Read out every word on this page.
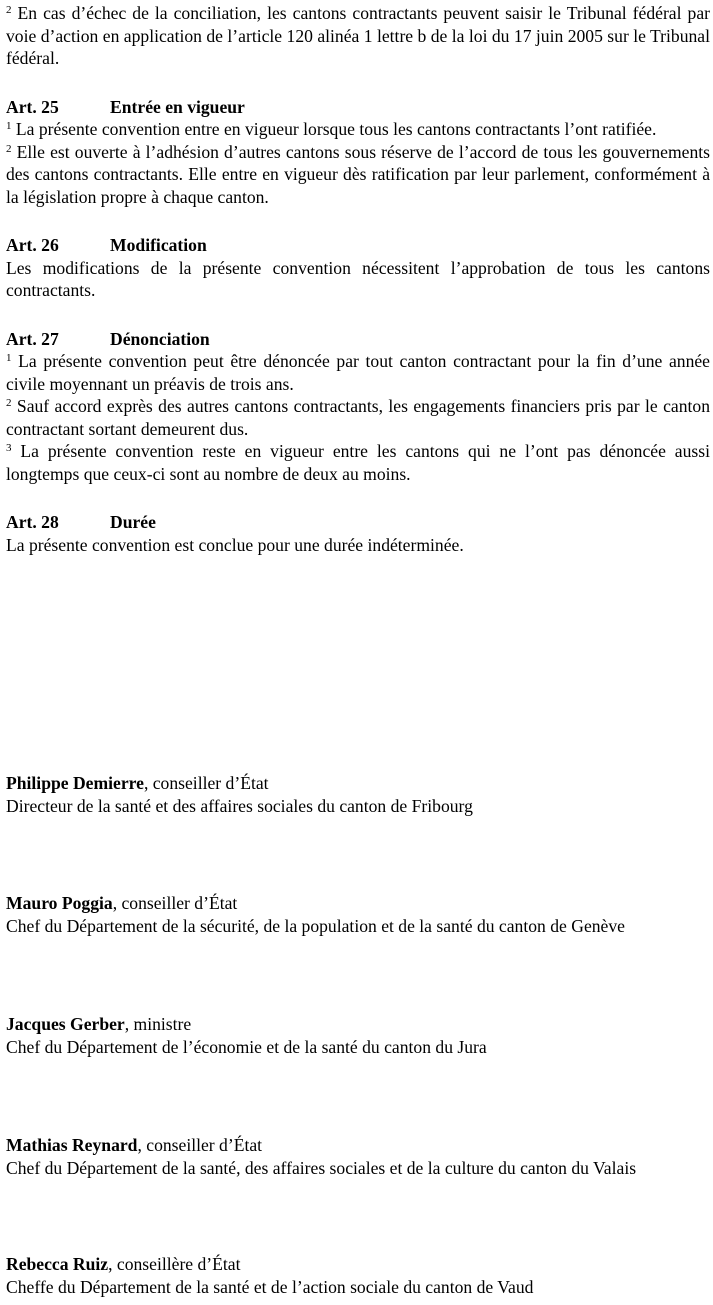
$^2$ En cas d’échec de la conciliation, les cantons contractants peuvent saisir le Tribunal fédéral par voie d’action en application de l’article 120 alinéa 1 lettre b de la loi du 17 juin 2005 sur le Tribunal fédéral.

Art. 25	Entrée en vigueur

$^1$ La présente convention entre en vigueur lorsque tous les cantons contractants l’ont ratifiée.

$^2$ Elle est ouverte à l’adhésion d’autres cantons sous réserve de l’accord de tous les gouvernements des cantons contractants. Elle entre en vigueur dès ratification par leur parlement, conformément à la législation propre à chaque canton.

Art. 26	Modification

Les modifications de la présente convention nécessitent l’approbation de tous les cantons contractants.

Art. 27	Dénonciation

$^1$ La présente convention peut être dénoncée par tout canton contractant pour la fin d’une année civile moyennant un préavis de trois ans.

$^2$ Sauf accord exprès des autres cantons contractants, les engagements financiers pris par le canton contractant sortant demeurent dus.

$^3$ La présente convention reste en vigueur entre les cantons qui ne l’ont pas dénoncée aussi longtemps que ceux-ci sont au nombre de deux au moins.

Art. 28	Durée

La présente convention est conclue pour une durée indéterminée.

Philippe Demierre, conseiller d’État

Directeur de la santé et des affaires sociales du canton de Fribourg

Mauro Poggia, conseiller d’État

Chef du Département de la sécurité, de la population et de la santé du canton de Genève

Jacques Gerber, ministre

Chef du Département de l’économie et de la santé du canton du Jura

Mathias Reynard, conseiller d’État

Chef du Département de la santé, des affaires sociales et de la culture du canton du Valais

Rebecca Ruiz, conseillère d’État

Cheffe du Département de la santé et de l’action sociale du canton de Vaud
